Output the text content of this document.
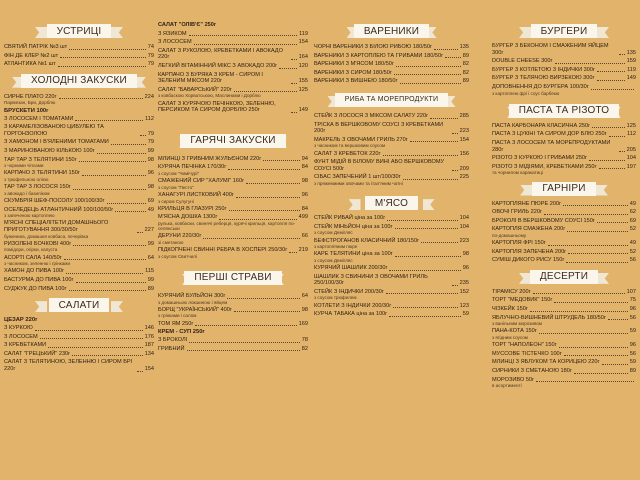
УСТРИЦІ
СВЯТИЙ ПАТРІК №3 шт	74
ФІН ДЕ КЛЕР №2 шт	79
АТЛАНТИКА №1 шт	79
ХОЛОДНІ ЗАКУСКИ
СИРНЕ ПЛАТО 220г	224
Пармезан, Бри, Дорблю
БРУСКЕТИ 100г
З ЛОСОСЕМ І ТОМАТАМИ	112
З КАРАМЕЛІЗОВАНОЮ ЦИБУЛЕЮ ТА ГОРГОНЗОЛОЮ	79
З ХАМОНОМ І В'ЯЛЕНИМИ ТОМАТАМИ	79
З МАРИНОВАНОЮ КІЛЬКОЮ 100г	99
ТАР ТАР З ТЕЛЯТИНИ 150г	98
з чорними чіпсами
КАРПАЧО З ТЕЛЯТИНИ 150г	96
з трюфельною олією
ТАР ТАР З ЛОСОСЯ 150г	98
з авокадо і базиліком
СКУМБРІЯ ШЕФ-ПОСОЛУ 100/100/30г	69
ОСЕЛЕДЕЦЬ АТЛАНТИЧНИЙ 100/100/50г	49
з запеченою картоплею
М'ЯСНІ СПЕЦІАЛІТЕТИ ДОМАШНЬОГО ПРИГОТУВАННЯ 300/30/50г	227
буженина, домашня ковбаса, печерівка
РИЗОЛЕНІ БОЧКОВІ 400г	99
помідори, огірки, капуста
АСОРТІ САЛА 140/50г	64
з часником, зеленню і грінками
ХАМОН ДО ПИВА 100г	115
БАСТУРМА ДО ПИВА 100г	99
СУДЖУК ДО ПИВА 100г	89
САЛАТИ
ЦЕЗАР 220г
З КУРКОЮ	146
З ЛОСОСЕМ	176
З КРЕВЕТКАМИ	187
САЛАТ "ГРЕЦЬКИЙ" 230г	134
САЛАТ З ТЕЛЯТИНОЮ, ЗЕЛЕННЮ І СИРОМ БРІ 220г	154
САЛАТ "ОЛІВ'Є" 250г
З ЯЗИКОМ	119
З ЛОСОСЕМ	154
САЛАТ З РУКОЛОЮ, КРЕВЕТКАМИ І АВОКАДО 220г	164
ЛЕГКИЙ ВІТАМІННИЙ МІКС З АВОКАДО 200г	120
КАРПАЧО З БУРЯКА З КРЕМ - СИРОМ І ЗЕЛЕНИМ МІКСОМ 220г	155
САЛАТ "БАВАРСЬКИЙ" 220г	125
з ковбаскою Хорватською, Маслинами і Дорблю
САЛАТ З КУРЯЧОЮ ПЕЧІНКОЮ, ЗЕЛЕННЮ, ПЕРСИКОМ ТА СИРОМ ДОРБЛЮ 250г	149
ГАРЯЧІ ЗАКУСКИ
МЛИНЦІ З ГРИБНИМ ЖУЛЬЄНОМ 220г	94
КУРЯЧА ПЕЧІНКА 170/30г	84
з соусом "Чимічурі"
СМАЖЕНИЙ СИР "ХАЛУМІ" 160г	98
з соусом "Песто"
ХАНАГУРІ ЛИСТКОВИЙ 400г	96
з сиром Сулугуні
КРИЛЬЦЯ В ГЛАЗУРІ 250г	84
М'ЯСНА ДОШКА 1300г	499
рулька, ковбаски, свинячі реберця, курячі крильця, картопля по-селянськи
ДЕРУНИ 220/30г	66
зі сметаною
ПІДКОПЧЕНІ СВИННІ РЕБРА В ХОСПЕРІ 250/30г	219
з соусом Свитчилі
ПЕРШІ СТРАВИ
КУРЯЧИЙ БУЛЬЙОН 300г	64
з домашньою локшиною і яйцем
БОРЩ "УКРАЇНСЬКИЙ" 400г	98
з грінками і салом
ТОМ ЯМ 250г	169
КРЕМ - СУП 250г
З БРОКОЛІ	78
ГРИБНИЙ	82
ВАРЕНИКИ
ЧОРНІ ВАРЕНИКИ З БІЛОЮ РИБОЮ 180/50г	135
ВАРЕНИКИ З КАРТОПЛЕЮ ТА ГРИБАМИ 180/50г	89
ВАРЕНИКИ З М'ЯСОМ 180/50г	82
ВАРЕНИКИ З СИРОМ 180/50г	82
ВАРЕНИКИ З ВИШНЕЮ 180/50г	89
РИБА ТА МОРЕПРОДУКТИ
СТЕЙК З ЛОСОСЯ З МІКСОМ САЛАТУ 220г	285
ТРІСКА В ВЕРШКОВОМУ СОУСІ З КРЕВЕТКАМИ 200г	223
МАКРЕЛЬ З ОВОЧАМИ ГРИЛЬ 270г	154
з часником та вершковим соусом
САЛАТ З КРЕВЕТОК 220г	156
ФУНТ МІДІЙ В БІЛОМУ ВИНІ АБО ВЕРШКОВОМУ СОУСІ 500г	209
СІБАС ЗАПЕЧЕНИЙ 1 шт/100/30г	225
з пряжемиими овочами та італ'яним чатні
М'ЯСО
СТЕЙК РИБАЙ ціна за 100г	104
СТЕЙК МІНЬЙОН ціна за 100г	104
з соусом Демігляс
БЕФСТРОГАНОВ КЛАСИЧНИЙ 180/150г	223
з картопляним пюре
КАРЕ ТЕЛЯТИНИ ціна за 100г	98
з соусом Демігляс
КУРЯЧИЙ ШАШЛИК 200/30г	96
ШАШЛИК З СВИНИНИ З ОВОЧАМИ ГРИЛЬ 250/100/30г	235
СТЕЙК З ІНДИЧКИ 200/30г	152
з соусом трюфелем
КОТЛЕТИ З ІНДИЧКИ 200/30г	123
КУРЧА ТАБАКА ціна за 100г	59
БУРГЕРИ
БУРГЕР З БЕКОНОМ І СМАЖЕНИМ ЯЙЦЕМ 300г	135
DOUBLE CHEESE 300г	159
БУРГЕР З КОТЛЕТОЮ З ІНДИЧКИ 300г	119
БУРГЕР З ТЕЛЯЧОЮ ВИРЗЕКОЮ 300г	149
ДОПОВНЕННЯ ДО БУРГЕРА 100/30г
з картоплею фрі і соус барбекю
ПАСТА ТА РІЗОТО
ПАСТА КАРБОНАРА КЛАСИЧНА 250г	125
ПАСТА З ЦУКІНІ ТА СИРОМ ДОР БЛЮ 250г	112
ПАСТА З ЛОСОСЕМ ТА МОРЕПРОДУКТАМИ 280г	205
РІЗОТО З КУРКОЮ І ГРИБАМИ 250г	104
РІЗОТО З МІДІЯМИ, КРЕВЕТКАМИ 250г	197
та чорнилом каракатиці
ГАРНІРИ
КАРТОПЛЯНЕ ПЮРЕ 200г	49
ОВОЧІ ГРИЛЬ 220г	62
БРОКОЛІ В ВЕРШКОВОМУ СОУСІ 150г	69
КАРТОПЛЯ СМАЖЕНА 200г	52
по-домашньому
КАРТОПЛЯ ФРІ 150г	49
КАРТОПЛЯ ЗАПЕЧЕНА 200г	52
СУМІШ ДИКОГО РИСУ 150г	56
ДЕСЕРТИ
ТІРАМІСУ 200г	107
ТОРТ "МЕДОВИК" 150г	75
ЧІЗКЕЙК 150г	96
ЯБЛУЧНО-ВИШНЕВИЙ ШТРУДЕЛЬ 180/50г	56
з ванільним морозивом
ПАНА-КОТА 150г	59
з ягідним соусом
ТОРТ "НАПОЛЕОН" 150г	96
МУССОВЕ ТІСТЕЧКО 100г	56
МЛИНЦІ З ЯБЛУКОМ ТА КОРИЦЕЮ 220г	59
СИРНИКИ З СМЕТАНОЮ 180г	89
МОРОЗИВО 50г
в асортименті
